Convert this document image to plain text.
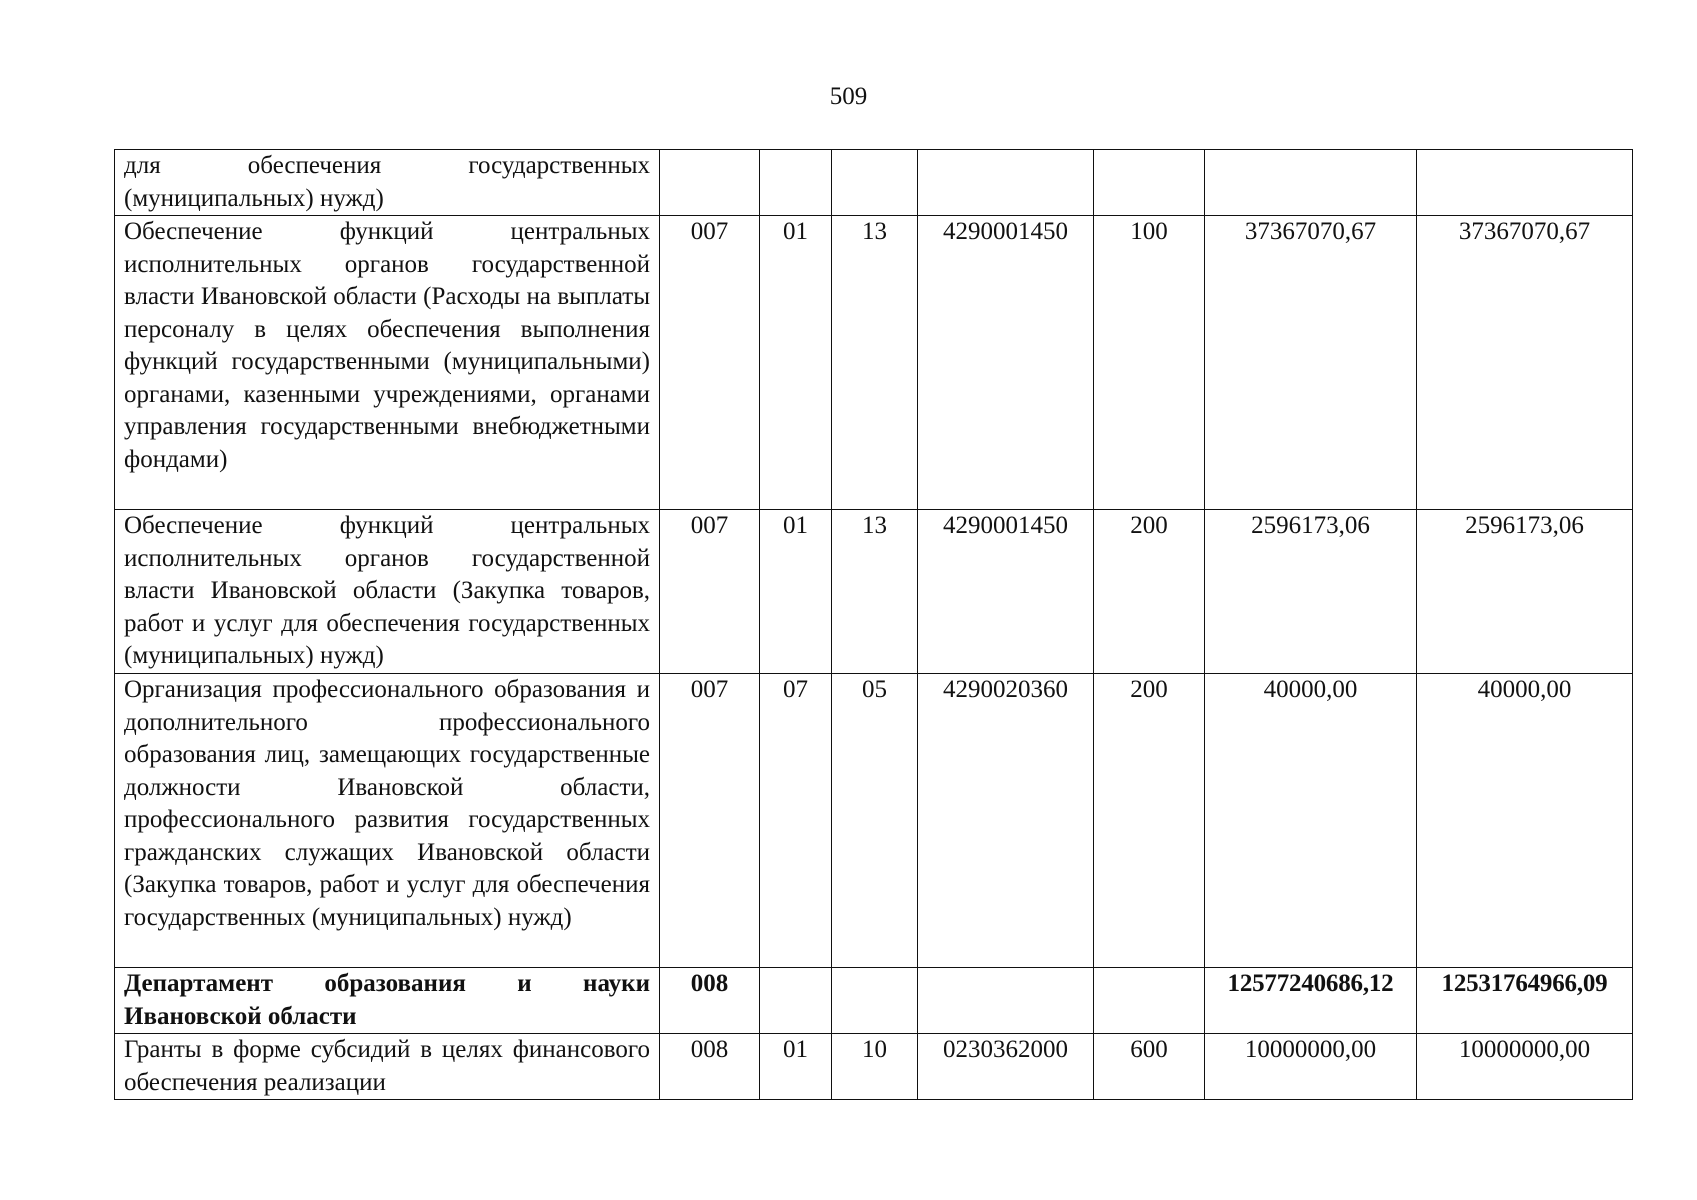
509
для обеспечения государственных (муниципальных) нужд)							
Обеспечение функций центральных исполнительных органов государственной власти Ивановской области (Расходы на выплаты персоналу в целях обеспечения выполнения функций государственными (муниципальными) органами, казенными учреждениями, органами управления государственными внебюджетными фондами)	007	01	13	4290001450	100	37367070,67	37367070,67
Обеспечение функций центральных исполнительных органов государственной власти Ивановской области (Закупка товаров, работ и услуг для обеспечения государственных (муниципальных) нужд)	007	01	13	4290001450	200	2596173,06	2596173,06
Организация профессионального образования и дополнительного профессионального образования лиц, замещающих государственные должности Ивановской области, профессионального развития государственных гражданских служащих Ивановской области (Закупка товаров, работ и услуг для обеспечения государственных (муниципальных) нужд)	007	07	05	4290020360	200	40000,00	40000,00
Департамент образования и науки Ивановской области	008					12577240686,12	12531764966,09
Гранты в форме субсидий в целях финансового обеспечения реализации	008	01	10	0230362000	600	10000000,00	10000000,00
